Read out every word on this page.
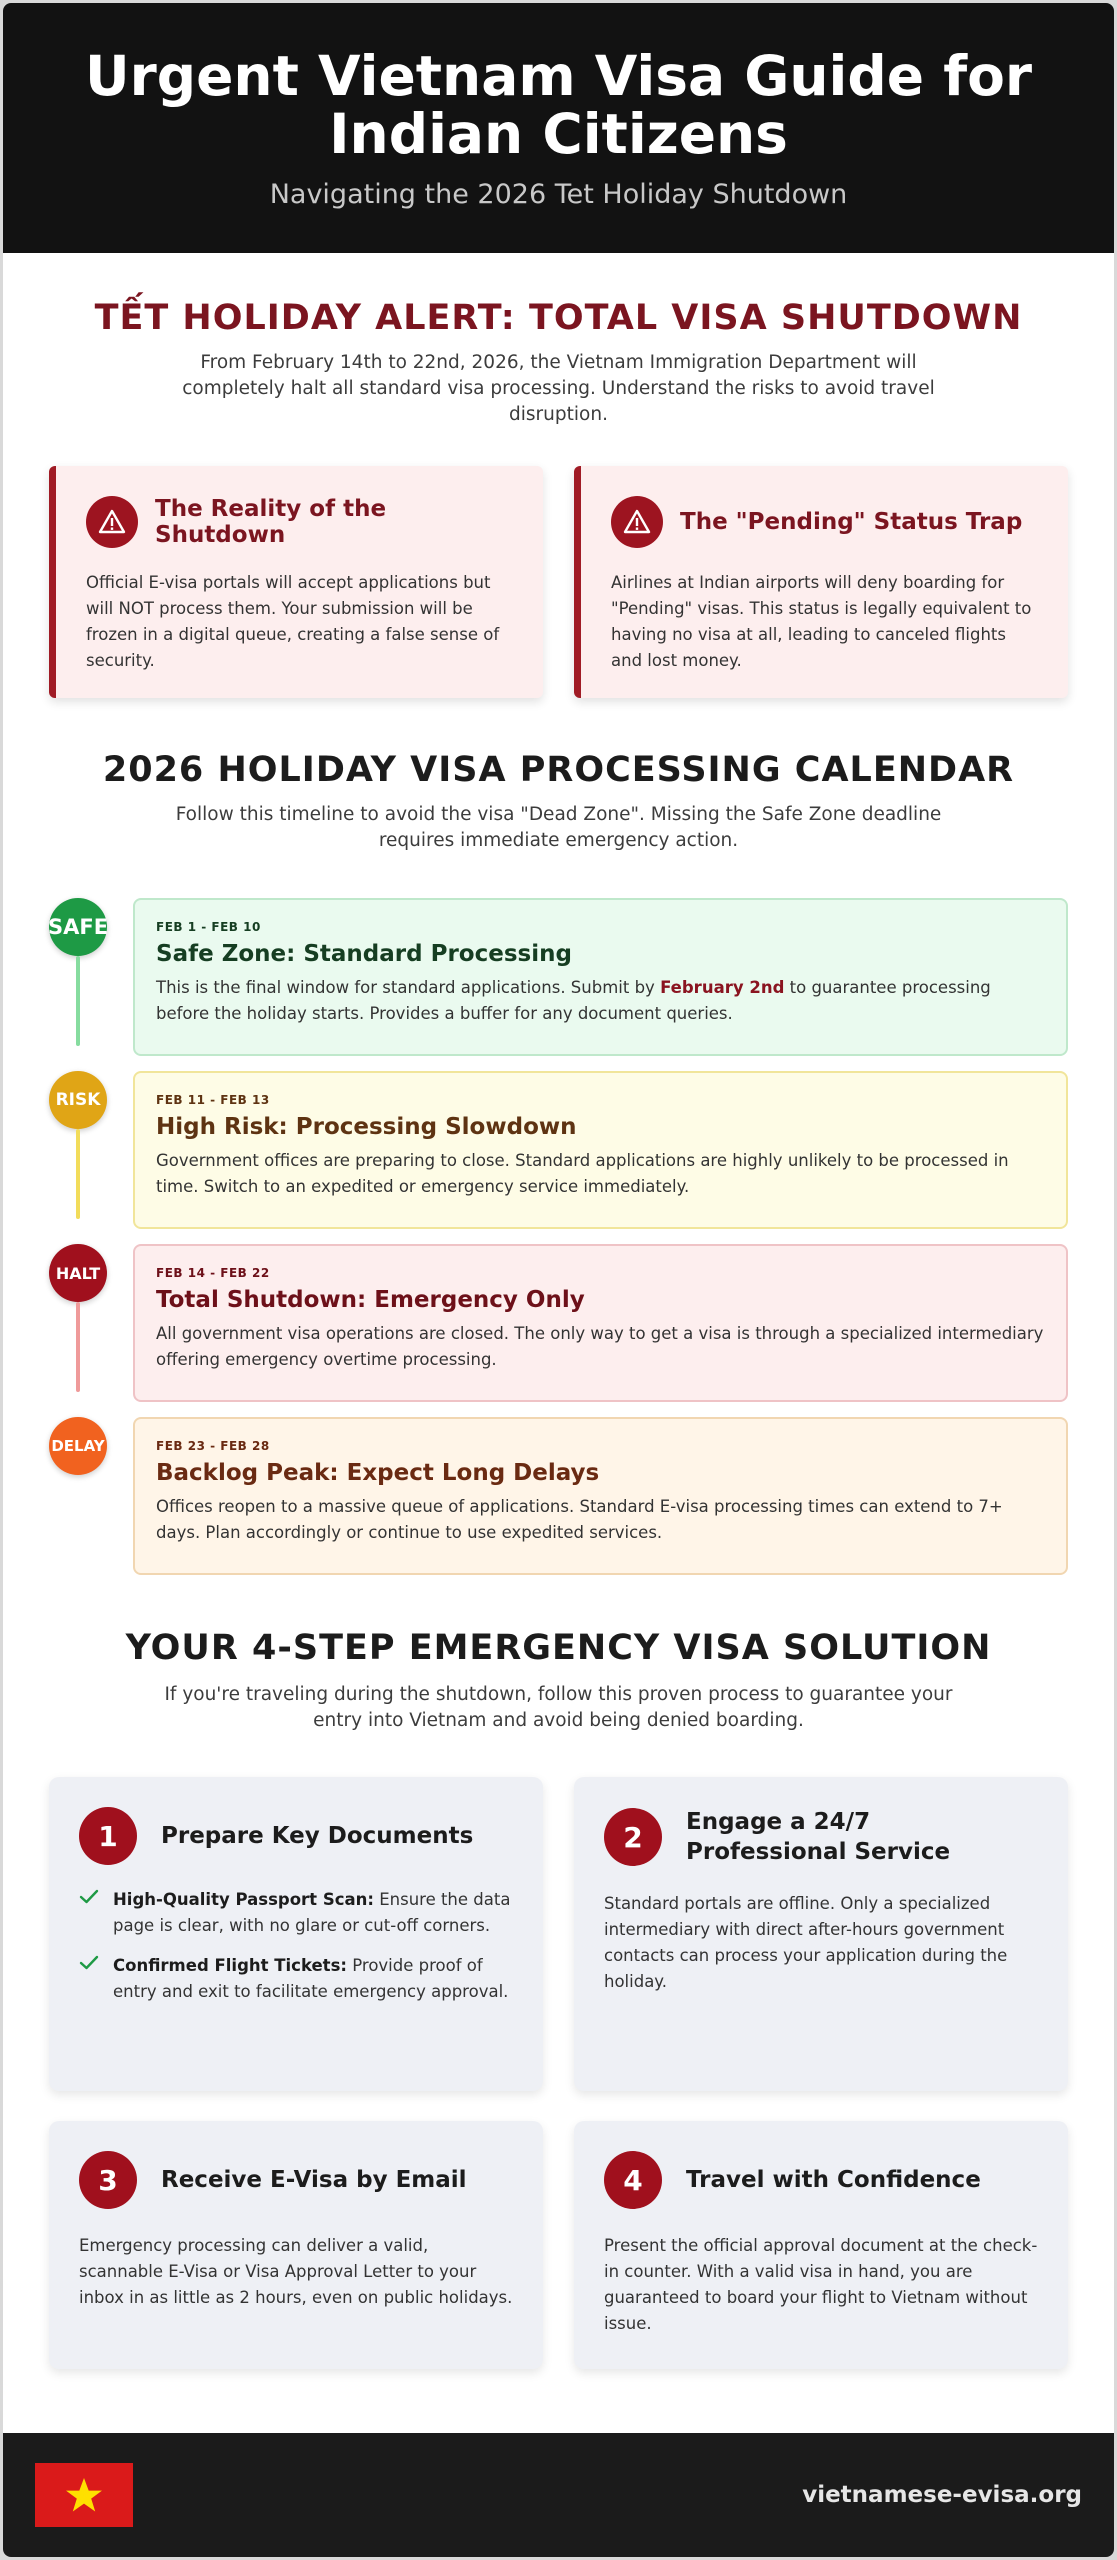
Urgent Vietnam Visa Guide for Indian Citizens
Navigating the 2026 Tet Holiday Shutdown
TẾT HOLIDAY ALERT: TOTAL VISA SHUTDOWN

From February 14th to 22nd, 2026, the Vietnam Immigration Department will completely halt all standard visa processing. Understand the risks to avoid travel disruption.

The Reality of the Shutdown

Official E-visa portals will accept applications but will NOT process them. Your submission will be frozen in a digital queue, creating a false sense of security.

The "Pending" Status Trap

Airlines at Indian airports will deny boarding for "Pending" visas. This status is legally equivalent to having no visa at all, leading to canceled flights and lost money.

2026 HOLIDAY VISA PROCESSING CALENDAR

Follow this timeline to avoid the visa "Dead Zone". Missing the Safe Zone deadline requires immediate emergency action.

SAFE	FEB 1 - FEB 10
Safe Zone: Standard Processing

This is the final window for standard applications. Submit by February 2nd to guarantee processing before the holiday starts. Provides a buffer for any document queries.

RISK	FEB 11 - FEB 13
High Risk: Processing Slowdown

Government offices are preparing to close. Standard applications are highly unlikely to be processed in time. Switch to an expedited or emergency service immediately.

HALT	FEB 14 - FEB 22
Total Shutdown: Emergency Only

All government visa operations are closed. The only way to get a visa is through a specialized intermediary offering emergency overtime processing.

DELAY	FEB 23 - FEB 28
Backlog Peak: Expect Long Delays

Offices reopen to a massive queue of applications. Standard E-visa processing times can extend to 7+ days. Plan accordingly or continue to use expedited services.

YOUR 4-STEP EMERGENCY VISA SOLUTION

If you're traveling during the shutdown, follow this proven process to guarantee your entry into Vietnam and avoid being denied boarding.

1	Prepare Key Documents
High-Quality Passport Scan: Ensure the data page is clear, with no glare or cut-off corners.
Confirmed Flight Tickets: Provide proof of entry and exit to facilitate emergency approval.
2	Engage a 24/7 Professional Service

Standard portals are offline. Only a specialized intermediary with direct after-hours government contacts can process your application during the holiday.

3	Receive E-Visa by Email

Emergency processing can deliver a valid, scannable E-Visa or Visa Approval Letter to your inbox in as little as 2 hours, even on public holidays.

4	Travel with Confidence

Present the official approval document at the check-in counter. With a valid visa in hand, you are guaranteed to board your flight to Vietnam without issue.

vietnamese-evisa.org
